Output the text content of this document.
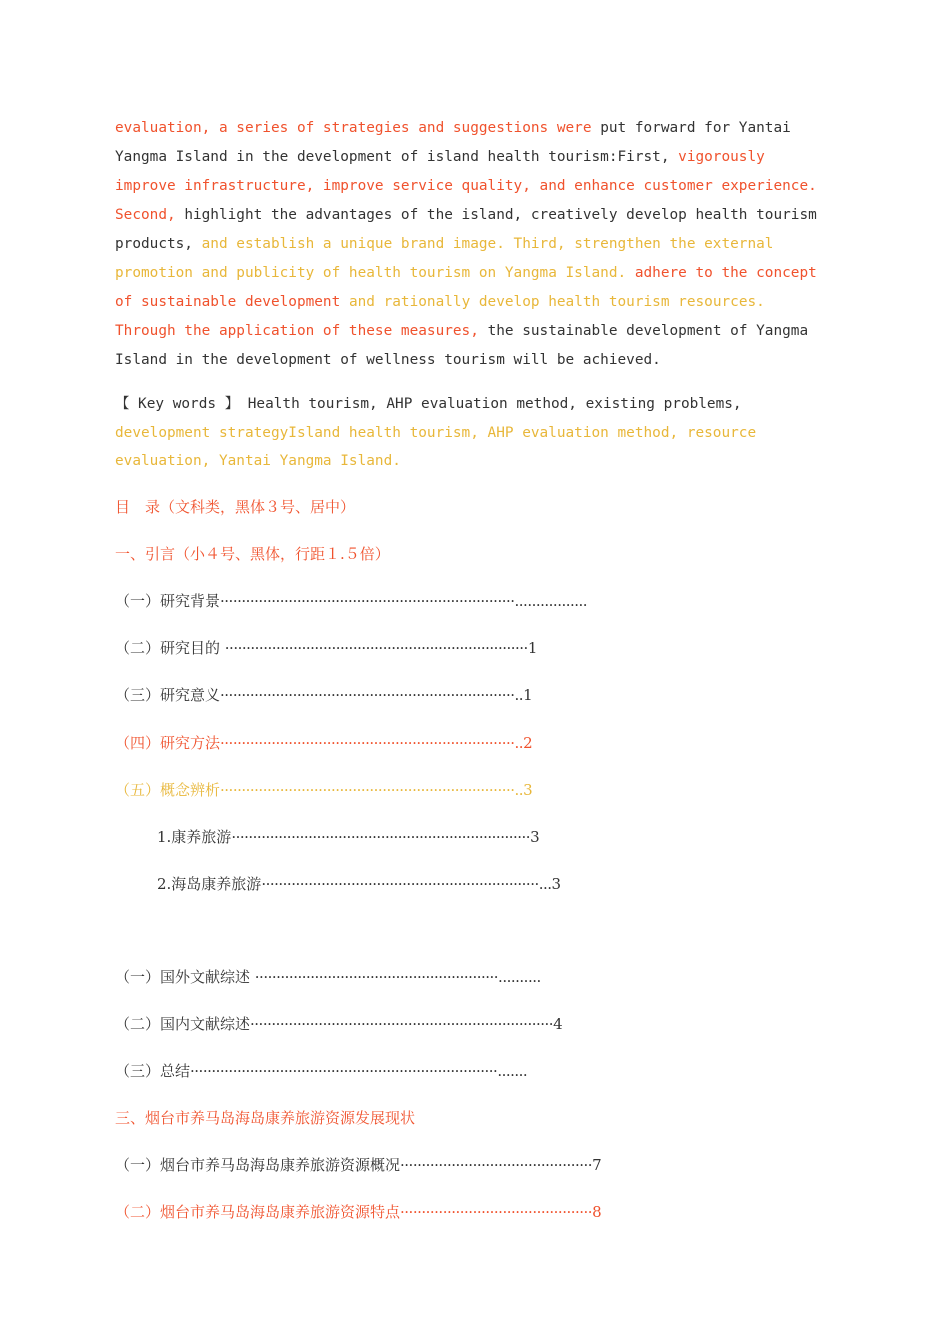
evaluation, a series of strategies and suggestions were put forward for Yantai Yangma Island in the development of island health tourism:First, vigorously improve infrastructure, improve service quality, and enhance customer experience. Second, highlight the advantages of the island, creatively develop health tourism products, and establish a unique brand image. Third, strengthen the external promotion and publicity of health tourism on Yangma Island. adhere to the concept of sustainable development and rationally develop health tourism resources. Through the application of these measures, the sustainable development of Yangma Island in the development of wellness tourism will be achieved.

【 Key words 】 Health tourism, AHP evaluation method, existing problems, development strategyIsland health tourism, AHP evaluation method, resource evaluation, Yantai Yangma Island.

目　录（文科类，黑体３号、居中）
一、引言（小４号、黑体，行距１.５倍）
（一）研究背景·····································································.................
（二）研究目的 ·······································································1
（三）研究意义·····································································..1
（四）研究方法·····································································..2
（五）概念辨析·····································································..3
1.康养旅游······································································3
2.海岛康养旅游·································································...3
（一）国外文献综述 ·························································..........
（二）国内文献综述·······································································4
（三）总结········································································.......
三、烟台市养马岛海岛康养旅游资源发展现状
（一）烟台市养马岛海岛康养旅游资源概况·············································7
（二）烟台市养马岛海岛康养旅游资源特点·············································8
